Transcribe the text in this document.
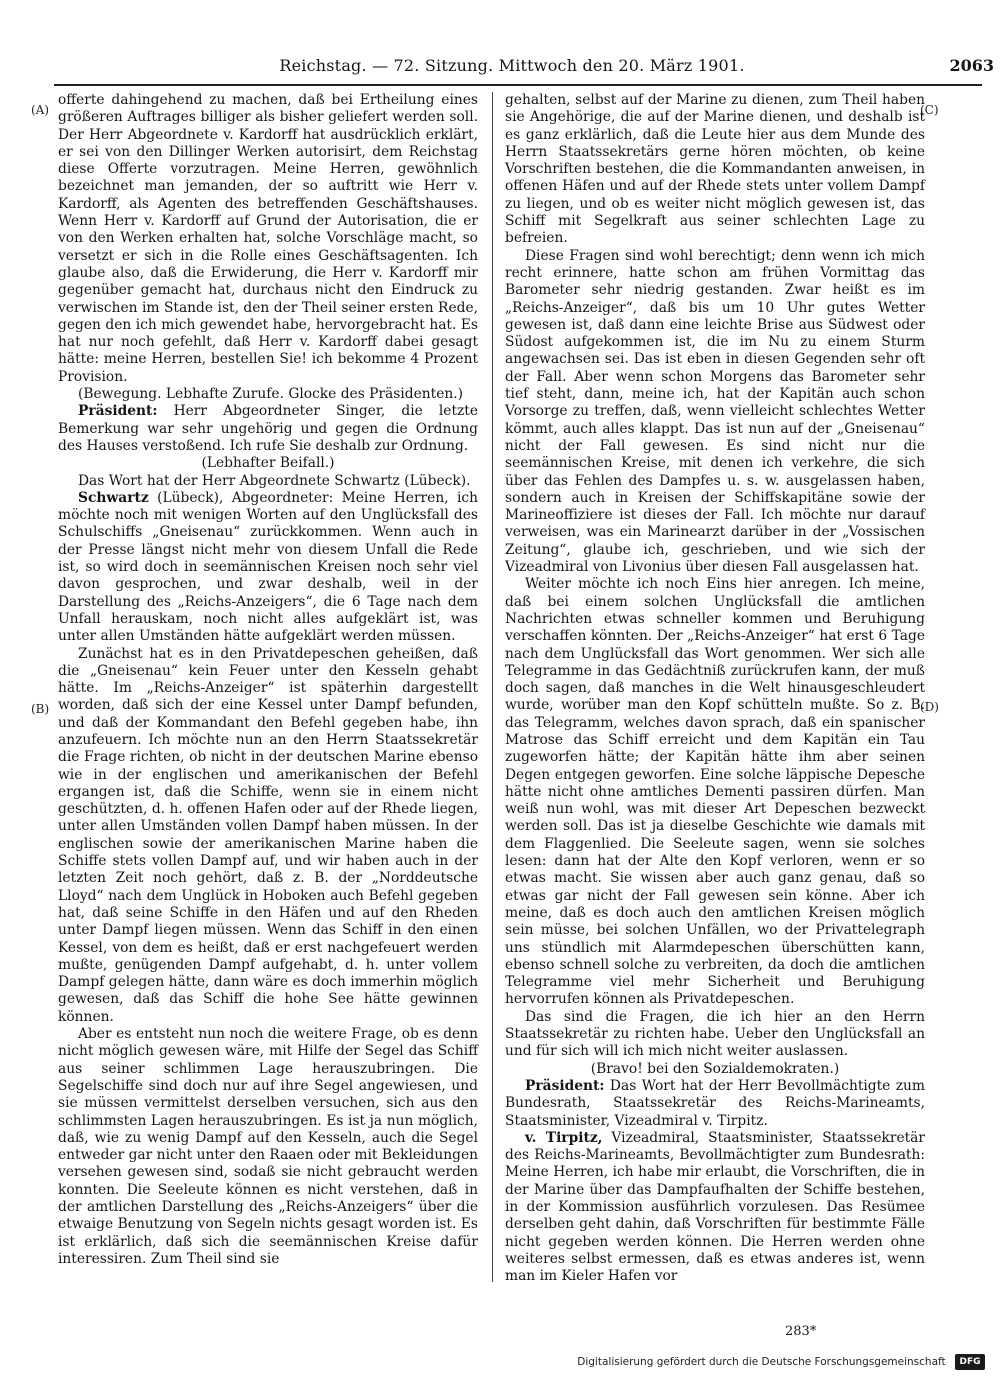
Reichstag. — 72. Sitzung. Mittwoch den 20. März 1901.	2063
(A)
(B)
(C)
(D)

offerte dahingehend zu machen, daß bei Ertheilung eines größeren Auftrages billiger als bisher geliefert werden soll. Der Herr Abgeordnete v. Kardorff hat ausdrücklich erklärt, er sei von den Dillinger Werken autorisirt, dem Reichstag diese Offerte vorzutragen. Meine Herren, gewöhnlich bezeichnet man jemanden, der so auftritt wie Herr v. Kardorff, als Agenten des betreffenden Geschäftshauses. Wenn Herr v. Kardorff auf Grund der Autorisation, die er von den Werken erhalten hat, solche Vorschläge macht, so versetzt er sich in die Rolle eines Geschäftsagenten. Ich glaube also, daß die Erwiderung, die Herr v. Kardorff mir gegenüber gemacht hat, durchaus nicht den Eindruck zu verwischen im Stande ist, den der Theil seiner ersten Rede, gegen den ich mich gewendet habe, hervorgebracht hat. Es hat nur noch gefehlt, daß Herr v. Kardorff dabei gesagt hätte: meine Herren, bestellen Sie! ich bekomme 4 Prozent Provision.

(Bewegung. Lebhafte Zurufe. Glocke des Präsidenten.)

Präsident: Herr Abgeordneter Singer, die letzte Bemerkung war sehr ungehörig und gegen die Ordnung des Hauses verstoßend. Ich rufe Sie deshalb zur Ordnung.

(Lebhafter Beifall.)

Das Wort hat der Herr Abgeordnete Schwartz (Lübeck).

Schwartz (Lübeck), Abgeordneter: Meine Herren, ich möchte noch mit wenigen Worten auf den Unglücksfall des Schulschiffs „Gneisenau“ zurückkommen. Wenn auch in der Presse längst nicht mehr von diesem Unfall die Rede ist, so wird doch in seemännischen Kreisen noch sehr viel davon gesprochen, und zwar deshalb, weil in der Darstellung des „Reichs-Anzeigers“, die 6 Tage nach dem Unfall herauskam, noch nicht alles aufgeklärt ist, was unter allen Umständen hätte aufgeklärt werden müssen.

Zunächst hat es in den Privatdepeschen geheißen, daß die „Gneisenau“ kein Feuer unter den Kesseln gehabt hätte. Im „Reichs-Anzeiger“ ist späterhin dargestellt worden, daß sich der eine Kessel unter Dampf befunden, und daß der Kommandant den Befehl gegeben habe, ihn anzufeuern. Ich möchte nun an den Herrn Staatssekretär die Frage richten, ob nicht in der deutschen Marine ebenso wie in der englischen und amerikanischen der Befehl ergangen ist, daß die Schiffe, wenn sie in einem nicht geschützten, d. h. offenen Hafen oder auf der Rhede liegen, unter allen Umständen vollen Dampf haben müssen. In der englischen sowie der amerikanischen Marine haben die Schiffe stets vollen Dampf auf, und wir haben auch in der letzten Zeit noch gehört, daß z. B. der „Norddeutsche Lloyd“ nach dem Unglück in Hoboken auch Befehl gegeben hat, daß seine Schiffe in den Häfen und auf den Rheden unter Dampf liegen müssen. Wenn das Schiff in den einen Kessel, von dem es heißt, daß er erst nachgefeuert werden mußte, genügenden Dampf aufgehabt, d. h. unter vollem Dampf gelegen hätte, dann wäre es doch immerhin möglich gewesen, daß das Schiff die hohe See hätte gewinnen können.

Aber es entsteht nun noch die weitere Frage, ob es denn nicht möglich gewesen wäre, mit Hilfe der Segel das Schiff aus seiner schlimmen Lage herauszubringen. Die Segelschiffe sind doch nur auf ihre Segel angewiesen, und sie müssen vermittelst derselben versuchen, sich aus den schlimmsten Lagen herauszubringen. Es ist ja nun möglich, daß, wie zu wenig Dampf auf den Kesseln, auch die Segel entweder gar nicht unter den Raaen oder mit Bekleidungen versehen gewesen sind, sodaß sie nicht gebraucht werden konnten. Die Seeleute können es nicht verstehen, daß in der amtlichen Darstellung des „Reichs-Anzeigers“ über die etwaige Benutzung von Segeln nichts gesagt worden ist. Es ist erklärlich, daß sich die seemännischen Kreise dafür interessiren. Zum Theil sind sie

gehalten, selbst auf der Marine zu dienen, zum Theil haben sie Angehörige, die auf der Marine dienen, und deshalb ist es ganz erklärlich, daß die Leute hier aus dem Munde des Herrn Staatssekretärs gerne hören möchten, ob keine Vorschriften bestehen, die die Kommandanten anweisen, in offenen Häfen und auf der Rhede stets unter vollem Dampf zu liegen, und ob es weiter nicht möglich gewesen ist, das Schiff mit Segelkraft aus seiner schlechten Lage zu befreien.

Diese Fragen sind wohl berechtigt; denn wenn ich mich recht erinnere, hatte schon am frühen Vormittag das Barometer sehr niedrig gestanden. Zwar heißt es im „Reichs-Anzeiger“, daß bis um 10 Uhr gutes Wetter gewesen ist, daß dann eine leichte Brise aus Südwest oder Südost aufgekommen ist, die im Nu zu einem Sturm angewachsen sei. Das ist eben in diesen Gegenden sehr oft der Fall. Aber wenn schon Morgens das Barometer sehr tief steht, dann, meine ich, hat der Kapitän auch schon Vorsorge zu treffen, daß, wenn vielleicht schlechtes Wetter kömmt, auch alles klappt. Das ist nun auf der „Gneisenau“ nicht der Fall gewesen. Es sind nicht nur die seemännischen Kreise, mit denen ich verkehre, die sich über das Fehlen des Dampfes u. s. w. ausgelassen haben, sondern auch in Kreisen der Schiffskapitäne sowie der Marineoffiziere ist dieses der Fall. Ich möchte nur darauf verweisen, was ein Marinearzt darüber in der „Vossischen Zeitung“, glaube ich, geschrieben, und wie sich der Vizeadmiral von Livonius über diesen Fall ausgelassen hat.

Weiter möchte ich noch Eins hier anregen. Ich meine, daß bei einem solchen Unglücksfall die amtlichen Nachrichten etwas schneller kommen und Beruhigung verschaffen könnten. Der „Reichs-Anzeiger“ hat erst 6 Tage nach dem Unglücksfall das Wort genommen. Wer sich alle Telegramme in das Gedächtniß zurückrufen kann, der muß doch sagen, daß manches in die Welt hinausgeschleudert wurde, worüber man den Kopf schütteln mußte. So z. B. das Telegramm, welches davon sprach, daß ein spanischer Matrose das Schiff erreicht und dem Kapitän ein Tau zugeworfen hätte; der Kapitän hätte ihm aber seinen Degen entgegen geworfen. Eine solche läppische Depesche hätte nicht ohne amtliches Dementi passiren dürfen. Man weiß nun wohl, was mit dieser Art Depeschen bezweckt werden soll. Das ist ja dieselbe Geschichte wie damals mit dem Flaggenlied. Die Seeleute sagen, wenn sie solches lesen: dann hat der Alte den Kopf verloren, wenn er so etwas macht. Sie wissen aber auch ganz genau, daß so etwas gar nicht der Fall gewesen sein könne. Aber ich meine, daß es doch auch den amtlichen Kreisen möglich sein müsse, bei solchen Unfällen, wo der Privattelegraph uns stündlich mit Alarmdepeschen überschütten kann, ebenso schnell solche zu verbreiten, da doch die amtlichen Telegramme viel mehr Sicherheit und Beruhigung hervorrufen können als Privatdepeschen.

Das sind die Fragen, die ich hier an den Herrn Staatssekretär zu richten habe. Ueber den Unglücksfall an und für sich will ich mich nicht weiter auslassen.

(Bravo! bei den Sozialdemokraten.)

Präsident: Das Wort hat der Herr Bevollmächtigte zum Bundesrath, Staatssekretär des Reichs-Marineamts, Staatsminister, Vizeadmiral v. Tirpitz.

v. Tirpitz, Vizeadmiral, Staatsminister, Staatssekretär des Reichs-Marineamts, Bevollmächtigter zum Bundesrath: Meine Herren, ich habe mir erlaubt, die Vorschriften, die in der Marine über das Dampfaufhalten der Schiffe bestehen, in der Kommission ausführlich vorzulesen. Das Resümee derselben geht dahin, daß Vorschriften für bestimmte Fälle nicht gegeben werden können. Die Herren werden ohne weiteres selbst ermessen, daß es etwas anderes ist, wenn man im Kieler Hafen vor

283*
Digitalisierung gefördert durch die Deutsche Forschungsgemeinschaft	DFG
